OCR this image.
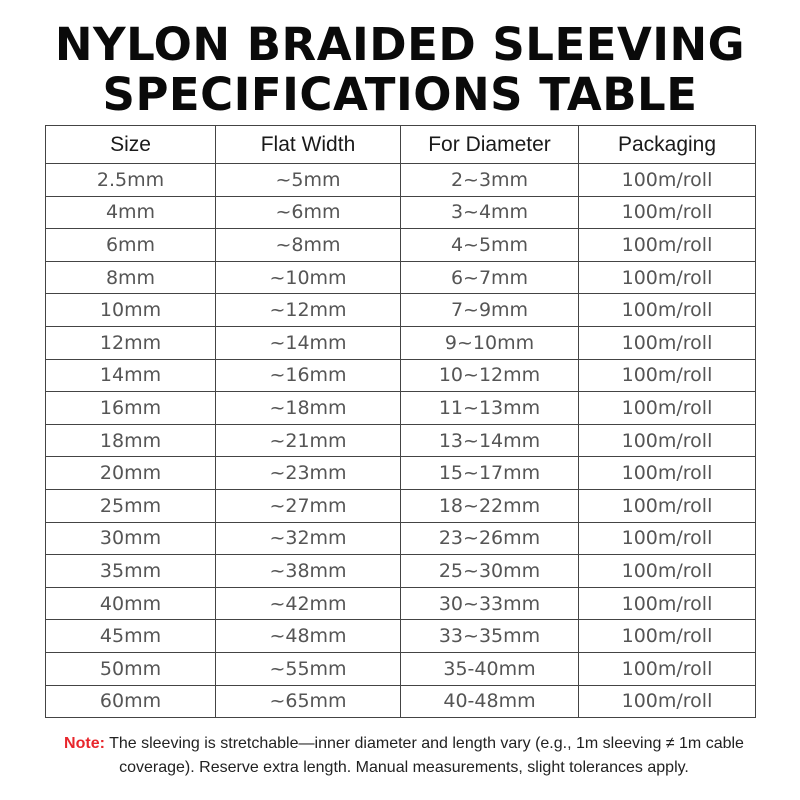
NYLON BRAIDED SLEEVING
SPECIFICATIONS TABLE
Size	Flat Width	For Diameter	Packaging
2.5mm	~5mm	2~3mm	100m/roll
4mm	~6mm	3~4mm	100m/roll
6mm	~8mm	4~5mm	100m/roll
8mm	~10mm	6~7mm	100m/roll
10mm	~12mm	7~9mm	100m/roll
12mm	~14mm	9~10mm	100m/roll
14mm	~16mm	10~12mm	100m/roll
16mm	~18mm	11~13mm	100m/roll
18mm	~21mm	13~14mm	100m/roll
20mm	~23mm	15~17mm	100m/roll
25mm	~27mm	18~22mm	100m/roll
30mm	~32mm	23~26mm	100m/roll
35mm	~38mm	25~30mm	100m/roll
40mm	~42mm	30~33mm	100m/roll
45mm	~48mm	33~35mm	100m/roll
50mm	~55mm	35-40mm	100m/roll
60mm	~65mm	40-48mm	100m/roll
Note: The sleeving is stretchable—inner diameter and length vary (e.g., 1m sleeving ≠ 1m cable coverage). Reserve extra length. Manual measurements, slight tolerances apply.
